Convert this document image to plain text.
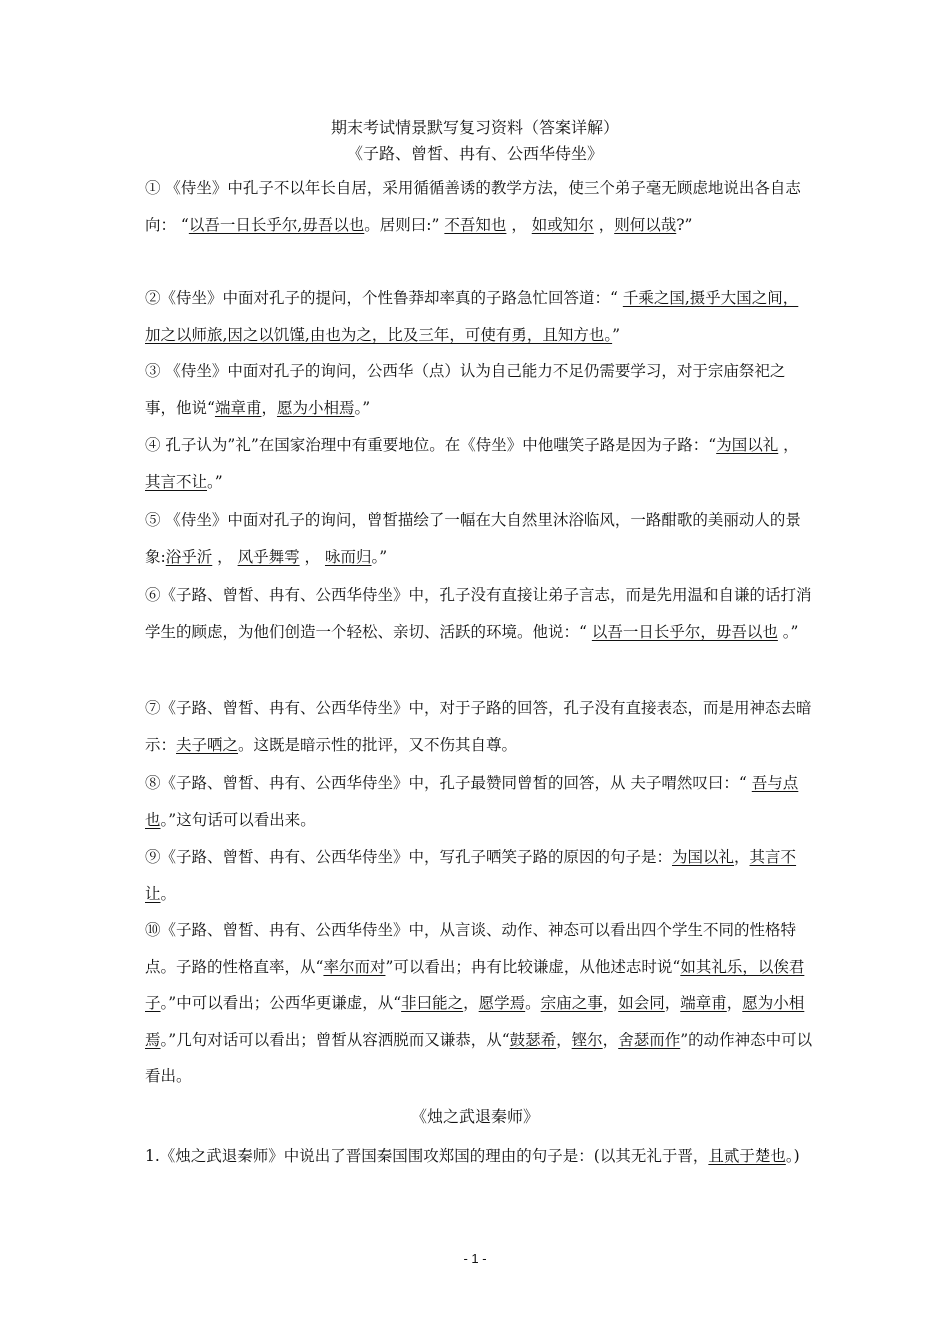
期末考试情景默写复习资料（答案详解）
《子路、曾皙、冉有、公西华侍坐》
① 《侍坐》中孔子不以年长自居，采用循循善诱的教学方法，使三个弟子毫无顾虑地说出各自志向： “以吾一日长乎尔,毋吾以也。居则曰:” 不吾知也 ， 如或知尔 ，则何以哉?”
②《侍坐》中面对孔子的提问，个性鲁莽却率真的子路急忙回答道：“ 千乘之国,摄乎大国之间，加之以师旅,因之以饥馑,由也为之，比及三年，可使有勇，且知方也。”
③ 《侍坐》中面对孔子的询问，公西华（点）认为自己能力不足仍需要学习，对于宗庙祭祀之事，他说“端章甫，愿为小相焉。”
④ 孔子认为”礼”在国家治理中有重要地位。在《侍坐》中他嗤笑子路是因为子路：“为国以礼 ，其言不让。”
⑤ 《侍坐》中面对孔子的询问，曾皙描绘了一幅在大自然里沐浴临风，一路酣歌的美丽动人的景象:浴乎沂 ， 风乎舞雩 ， 咏而归。”
⑥《子路、曾皙、冉有、公西华侍坐》中，孔子没有直接让弟子言志，而是先用温和自谦的话打消学生的顾虑，为他们创造一个轻松、亲切、活跃的环境。他说：“ 以吾一日长乎尔，毋吾以也 。”
⑦《子路、曾皙、冉有、公西华侍坐》中，对于子路的回答，孔子没有直接表态，而是用神态去暗示：夫子哂之。这既是暗示性的批评，又不伤其自尊。
⑧《子路、曾皙、冉有、公西华侍坐》中，孔子最赞同曾皙的回答，从 夫子喟然叹曰：“ 吾与点也。”这句话可以看出来。
⑨《子路、曾皙、冉有、公西华侍坐》中，写孔子哂笑子路的原因的句子是：为国以礼，其言不让。
⑩《子路、曾皙、冉有、公西华侍坐》中，从言谈、动作、神态可以看出四个学生不同的性格特点。子路的性格直率，从“率尔而对”可以看出；冉有比较谦虚，从他述志时说“如其礼乐，以俟君子。”中可以看出；公西华更谦虚，从“非曰能之，愿学焉。宗庙之事，如会同，端章甫，愿为小相焉。”几句对话可以看出；曾皙从容洒脱而又谦恭，从“鼓瑟希，铿尔，舍瑟而作”的动作神态中可以看出。
《烛之武退秦师》
1.《烛之武退秦师》中说出了晋国秦国围攻郑国的理由的句子是：(以其无礼于晋，且贰于楚也。)
- 1 -
